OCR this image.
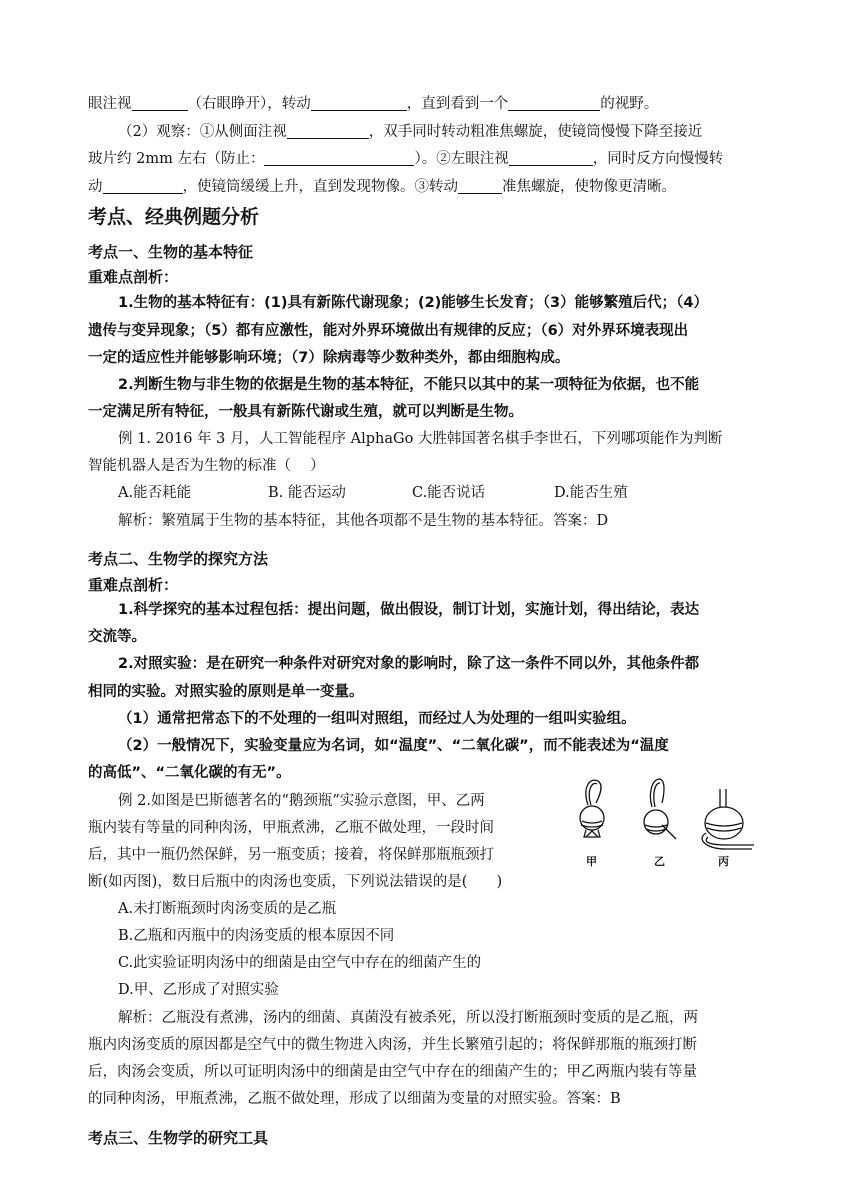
眼注视	（右眼睁开），转动	，直到看到一个	的视野。
（2）观察：①从侧面注视	，双手同时转动粗准焦螺旋，使镜筒慢慢下降至接近
玻片约 2mm 左右（防止：	）。②左眼注视	，同时反方向慢慢转
动	，使镜筒缓缓上升，直到发现物像。③转动	准焦螺旋，使物像更清晰。
考点、经典例题分析
考点一、生物的基本特征
重难点剖析：
1.生物的基本特征有：(1)具有新陈代谢现象；(2)能够生长发育；（3）能够繁殖后代；（4）
遗传与变异现象；（5）都有应激性，能对外界环境做出有规律的反应；（6）对外界环境表现出
一定的适应性并能够影响环境；（7）除病毒等少数种类外，都由细胞构成。
2.判断生物与非生物的依据是生物的基本特征，不能只以其中的某一项特征为依据，也不能
一定满足所有特征，一般具有新陈代谢或生殖，就可以判断是生物。
例 1. 2016 年 3 月，人工智能程序 AlphaGo 大胜韩国著名棋手李世石，下列哪项能作为判断
智能机器人是否为生物的标准（　 ）
A.能否耗能	B. 能否运动	C.能否说话	D.能否生殖
解析：繁殖属于生物的基本特征，其他各项都不是生物的基本特征。答案：D
考点二、生物学的探究方法
重难点剖析：
1.科学探究的基本过程包括：提出问题，做出假设，制订计划，实施计划，得出结论，表达
交流等。
2.对照实验：是在研究一种条件对研究对象的影响时，除了这一条件不同以外，其他条件都
相同的实验。对照实验的原则是单一变量。
（1）通常把常态下的不处理的一组叫对照组，而经过人为处理的一组叫实验组。
（2）一般情况下，实验变量应为名词，如“温度”、“二氧化碳”，而不能表述为“温度
的高低”、“二氧化碳的有无”。
例 2.如图是巴斯德著名的“鹅颈瓶”实验示意图，甲、乙两
瓶内装有等量的同种肉汤，甲瓶煮沸，乙瓶不做处理，一段时间
后，其中一瓶仍然保鲜，另一瓶变质；接着，将保鲜那瓶瓶颈打
断(如丙图)，数日后瓶中的肉汤也变质，下列说法错误的是(　　)
A.未打断瓶颈时肉汤变质的是乙瓶
B.乙瓶和丙瓶中的肉汤变质的根本原因不同
C.此实验证明肉汤中的细菌是由空气中存在的细菌产生的
D.甲、乙形成了对照实验
解析：乙瓶没有煮沸，汤内的细菌、真菌没有被杀死，所以没打断瓶颈时变质的是乙瓶，两
瓶内肉汤变质的原因都是空气中的微生物进入肉汤，并生长繁殖引起的；将保鲜那瓶的瓶颈打断
后，肉汤会变质，所以可证明肉汤中的细菌是由空气中存在的细菌产生的；甲乙两瓶内装有等量
的同种肉汤，甲瓶煮沸，乙瓶不做处理，形成了以细菌为变量的对照实验。答案：B
考点三、生物学的研究工具
甲	乙	丙
